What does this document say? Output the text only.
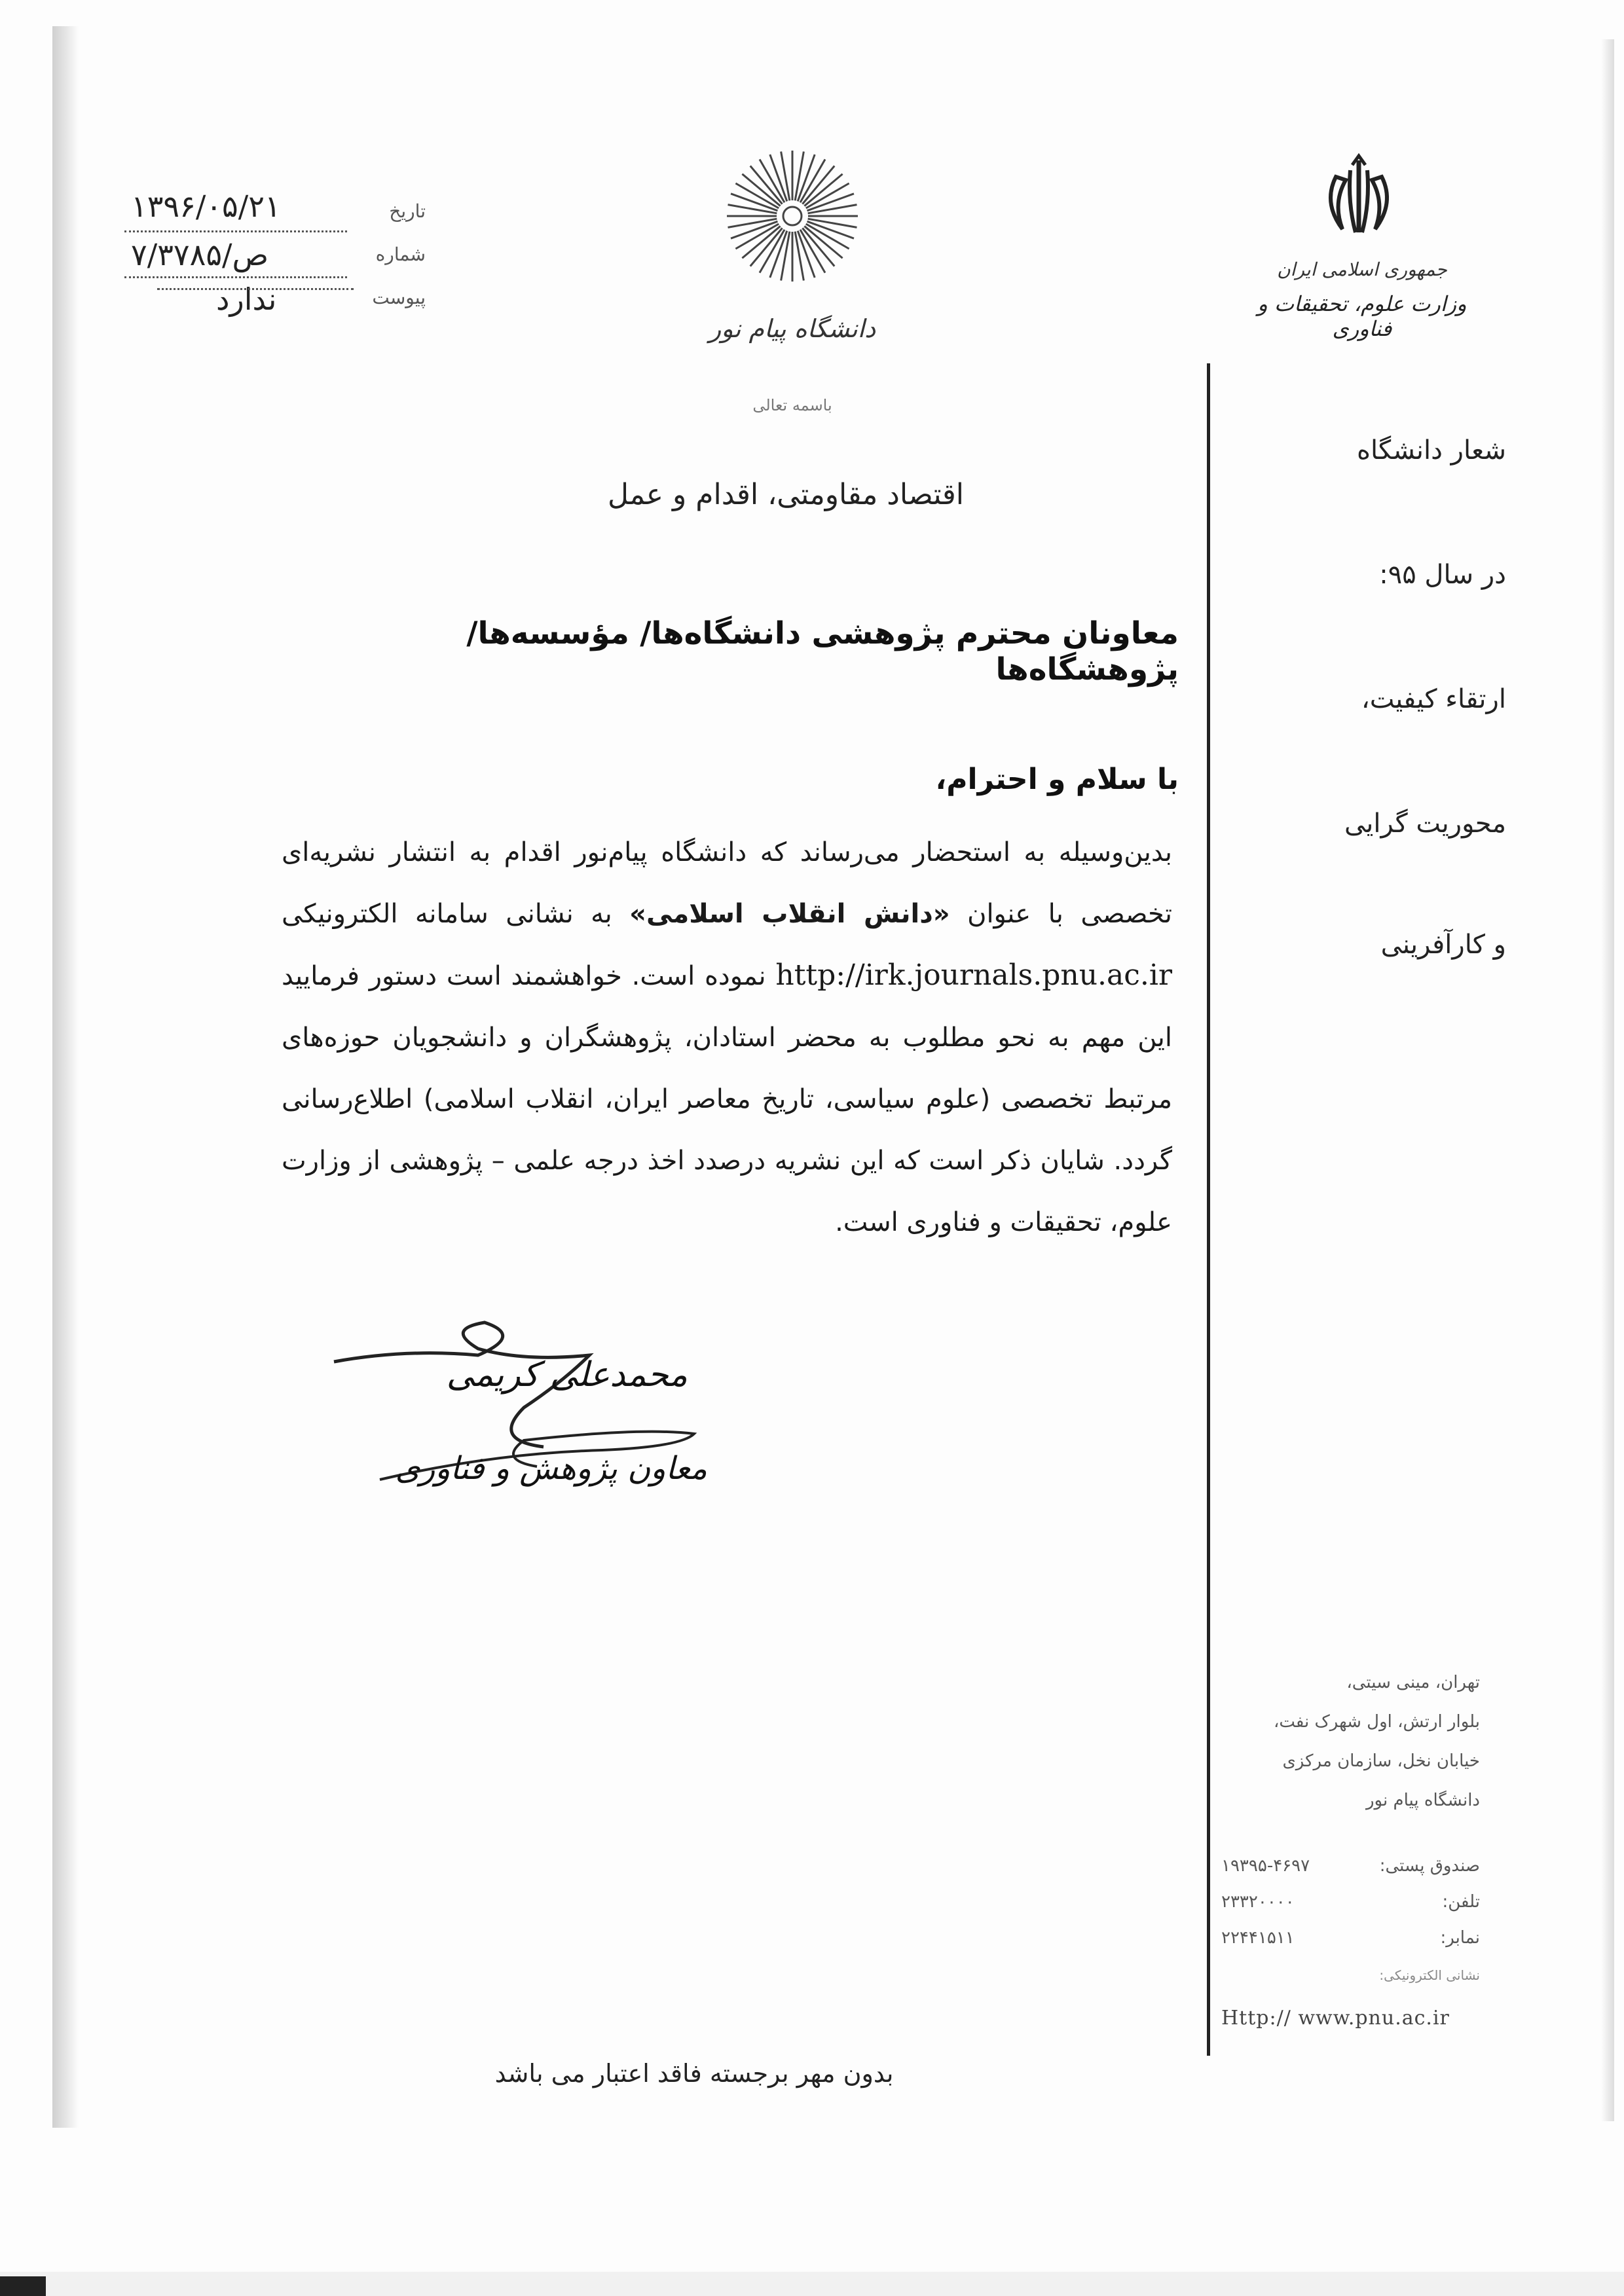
۱۳۹۶/۰۵/۲۱	تاریخ
۷/۳۷۸۵/ص	شماره
ندارد	پیوست
دانشگاه پیام نور
باسمه تعالی
جمهوری اسلامی ایران
وزارت علوم، تحقیقات و فناوری
اقتصاد مقاومتی، اقدام و عمل
معاونان محترم پژوهشی دانشگاه‌ها/ مؤسسه‌ها/ پژوهشگاه‌ها
با سلام و احترام،
بدین‌وسیله به استحضار می‌رساند که دانشگاه پیام‌نور اقدام به انتشار نشریه‌ای تخصصی با عنوان «دانش انقلاب اسلامی» به نشانی سامانه الکترونیکی http://irk.journals.pnu.ac.ir نموده است. خواهشمند است دستور فرمایید این مهم به نحو مطلوب به محضر استادان، پژوهشگران و دانشجویان حوزه‌های مرتبط تخصصی (علوم سیاسی، تاریخ معاصر ایران، انقلاب اسلامی) اطلاع‌رسانی گردد. شایان ذکر است که این نشریه درصدد اخذ درجه علمی – پژوهشی از وزارت علوم، تحقیقات و فناوری است.
محمدعلی کریمی
معاون پژوهش و فناوری
شعار دانشگاه
در سال ۹۵:
ارتقاء کیفیت،
محوریت گرایی
و کارآفرینی
تهران، مینی سیتی،
بلوار ارتش، اول شهرک نفت،
خیابان نخل، سازمان مرکزی
دانشگاه پیام نور
صندوق پستی:
۱۹۳۹۵-۴۶۹۷
تلفن:
۲۳۳۲۰۰۰۰
نمابر:
۲۲۴۴۱۵۱۱
نشانی الکترونیکی:
Http:// www.pnu.ac.ir
بدون مهر برجسته فاقد اعتبار می باشد
